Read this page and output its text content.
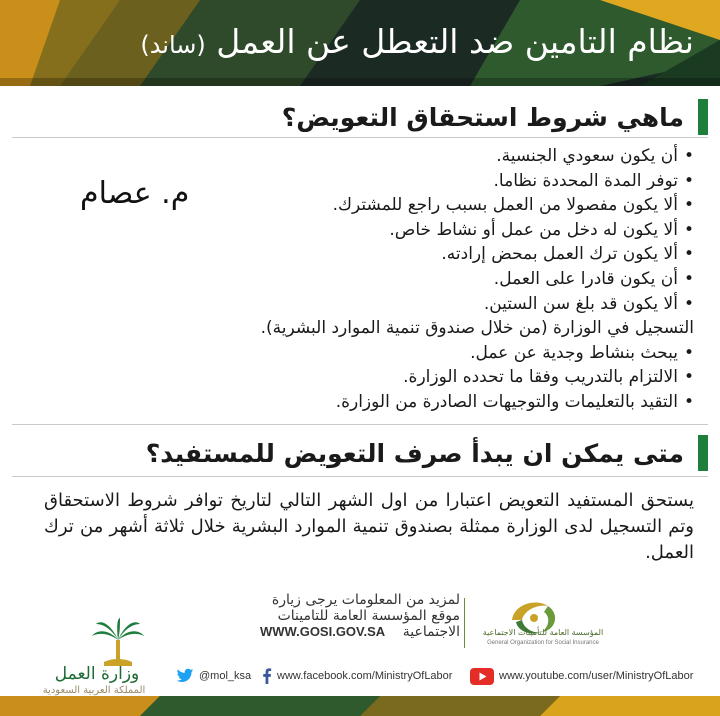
نظام التامين ضد التعطل عن العمل (ساند)
ماهي شروط استحقاق التعويض؟
•أن يكون سعودي الجنسية.
•توفر المدة المحددة نظاما.
•ألا يكون مفصولا من العمل بسبب راجع للمشترك.
•ألا يكون له دخل من عمل أو نشاط خاص.
•ألا يكون ترك العمل بمحض إرادته.
•أن يكون قادرا على العمل.
•ألا يكون قد بلغ سن الستين.
التسجيل في الوزارة (من خلال صندوق تنمية الموارد البشرية).
•يبحث بنشاط وجدية عن عمل.
•الالتزام بالتدريب وفقا ما تحدده الوزارة.
•التقيد بالتعليمات والتوجيهات الصادرة من الوزارة.
م. عصام
متى يمكن ان يبدأ صرف التعويض للمستفيد؟
يستحق المستفيد التعويض اعتبارا من اول الشهر التالي لتاريخ توافر شروط الاستحقاق وتم التسجيل لدى الوزارة ممثلة بصندوق تنمية الموارد البشرية خلال ثلاثة أشهر من ترك العمل.
لمزيد من المعلومات يرجى زيارة
موقع المؤسسة العامة للتامينات
الاجتماعية
WWW.GOSI.GOV.SA	المؤسسة العامة للتأمينات الاجتماعية
General Organization for Social Insurance
وزارة العمل
المملكة العربية السعودية
@mol_ksa www.facebook.com/MinistryOfLabor	www.youtube.com/user/MinistryOfLabor
